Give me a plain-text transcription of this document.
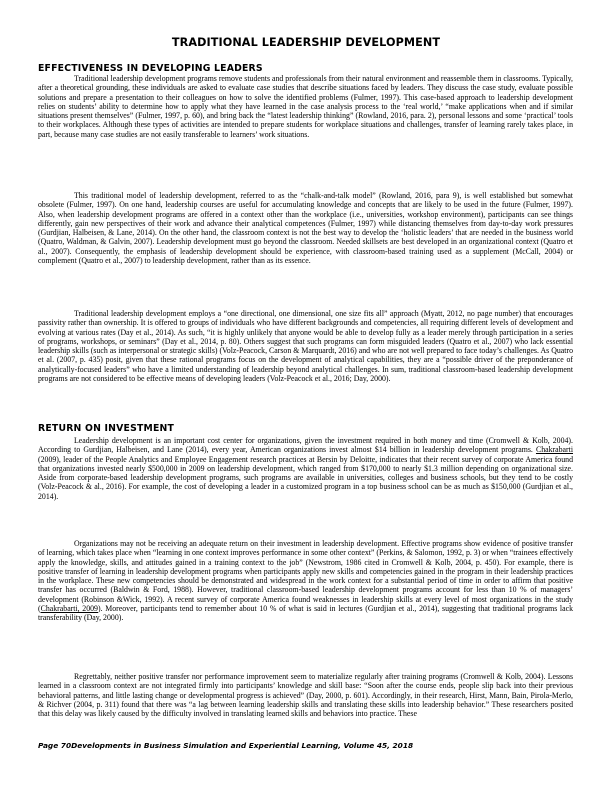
TRADITIONAL LEADERSHIP DEVELOPMENT
EFFECTIVENESS IN DEVELOPING LEADERS

Traditional leadership development programs remove students and professionals from their natural environment and reassemble them in classrooms. Typically, after a theoretical grounding, these individuals are asked to evaluate case studies that describe situations faced by leaders. They discuss the case study, evaluate possible solutions and prepare a presentation to their colleagues on how to solve the identified problems (Fulmer, 1997). This case-based approach to leadership development relies on students’ ability to determine how to apply what they have learned in the case analysis process to the ‘real world,’ “make applications when and if similar situations present themselves” (Fulmer, 1997, p. 60), and bring back the “latest leadership thinking” (Rowland, 2016, para. 2), personal lessons and some ‘practical’ tools to their workplaces. Although these types of activities are intended to prepare students for workplace situations and challenges, transfer of learning rarely takes place, in part, because many case studies are not easily transferable to learners’ work situations.

This traditional model of leadership development, referred to as the “chalk-and-talk model” (Rowland, 2016, para 9), is well established but somewhat obsolete (Fulmer, 1997). On one hand, leadership courses are useful for accumulating knowledge and concepts that are likely to be used in the future (Fulmer, 1997). Also, when leadership development programs are offered in a context other than the workplace (i.e., universities, workshop environment), participants can see things differently, gain new perspectives of their work and advance their analytical competences (Fulmer, 1997) while distancing themselves from day-to-day work pressures (Gurdjian, Halbeisen, & Lane, 2014). On the other hand, the classroom context is not the best way to develop the ‘holistic leaders’ that are needed in the business world (Quatro, Waldman, & Galvin, 2007). Leadership development must go beyond the classroom. Needed skillsets are best developed in an organizational context (Quatro et al., 2007). Consequently, the emphasis of leadership development should be experience, with classroom-based training used as a supplement (McCall, 2004) or complement (Quatro et al., 2007) to leadership development, rather than as its essence.

Traditional leadership development employs a “one directional, one dimensional, one size fits all” approach (Myatt, 2012, no page number) that encourages passivity rather than ownership. It is offered to groups of individuals who have different backgrounds and competencies, all requiring different levels of development and evolving at various rates (Day et al., 2014). As such, “it is highly unlikely that anyone would be able to develop fully as a leader merely through participation in a series of programs, workshops, or seminars” (Day et al., 2014, p. 80). Others suggest that such programs can form misguided leaders (Quatro et al., 2007) who lack essential leadership skills (such as interpersonal or strategic skills) (Volz-Peacock, Carson & Marquardt, 2016) and who are not well prepared to face today’s challenges. As Quatro et al. (2007, p. 435) posit, given that these rational programs focus on the development of analytical capabilities, they are a “possible driver of the preponderance of analytically-focused leaders” who have a limited understanding of leadership beyond analytical challenges. In sum, traditional classroom-based leadership development programs are not considered to be effective means of developing leaders (Volz-Peacock et al., 2016; Day, 2000).

RETURN ON INVESTMENT

Leadership development is an important cost center for organizations, given the investment required in both money and time (Cromwell & Kolb, 2004). According to Gurdjian, Halbeisen, and Lane (2014), every year, American organizations invest almost $14 billion in leadership development programs. Chakrabarti (2009), leader of the People Analytics and Employee Engagement research practices at Bersin by Deloitte, indicates that their recent survey of corporate America found that organizations invested nearly $500,000 in 2009 on leadership development, which ranged from $170,000 to nearly $1.3 million depending on organizational size. Aside from corporate-based leadership development programs, such programs are available in universities, colleges and business schools, but they tend to be costly (Volz-Peacock & al., 2016). For example, the cost of developing a leader in a customized program in a top business school can be as much as $150,000 (Gurdjian et al., 2014).

Organizations may not be receiving an adequate return on their investment in leadership development. Effective programs show evidence of positive transfer of learning, which takes place when “learning in one context improves performance in some other context” (Perkins, & Salomon, 1992, p. 3) or when “trainees effectively apply the knowledge, skills, and attitudes gained in a training context to the job” (Newstrom, 1986 cited in Cromwell & Kolb, 2004, p. 450). For example, there is positive transfer of learning in leadership development programs when participants apply new skills and competencies gained in the program in their leadership practices in the workplace. These new competencies should be demonstrated and widespread in the work context for a substantial period of time in order to affirm that positive transfer has occurred (Baldwin & Ford, 1988). However, traditional classroom-based leadership development programs account for less than 10 % of managers’ development (Robinson &Wick, 1992). A recent survey of corporate America found weaknesses in leadership skills at every level of most organizations in the study (Chakrabarti, 2009). Moreover, participants tend to remember about 10 % of what is said in lectures (Gurdjian et al., 2014), suggesting that traditional programs lack transferability (Day, 2000).

Regrettably, neither positive transfer nor performance improvement seem to materialize regularly after training programs (Cromwell & Kolb, 2004). Lessons learned in a classroom context are not integrated firmly into participants’ knowledge and skill base: “Soon after the course ends, people slip back into their previous behavioral patterns, and little lasting change or developmental progress is achieved” (Day, 2000, p. 601). Accordingly, in their research, Hirst, Mann, Bain, Pirola-Merlo, & Richver (2004, p. 311) found that there was “a lag between learning leadership skills and translating these skills into leadership behavior.” These researchers posited that this delay was likely caused by the difficulty involved in translating learned skills and behaviors into practice. These

Page 70Developments in Business Simulation and Experiential Learning, Volume 45, 2018
